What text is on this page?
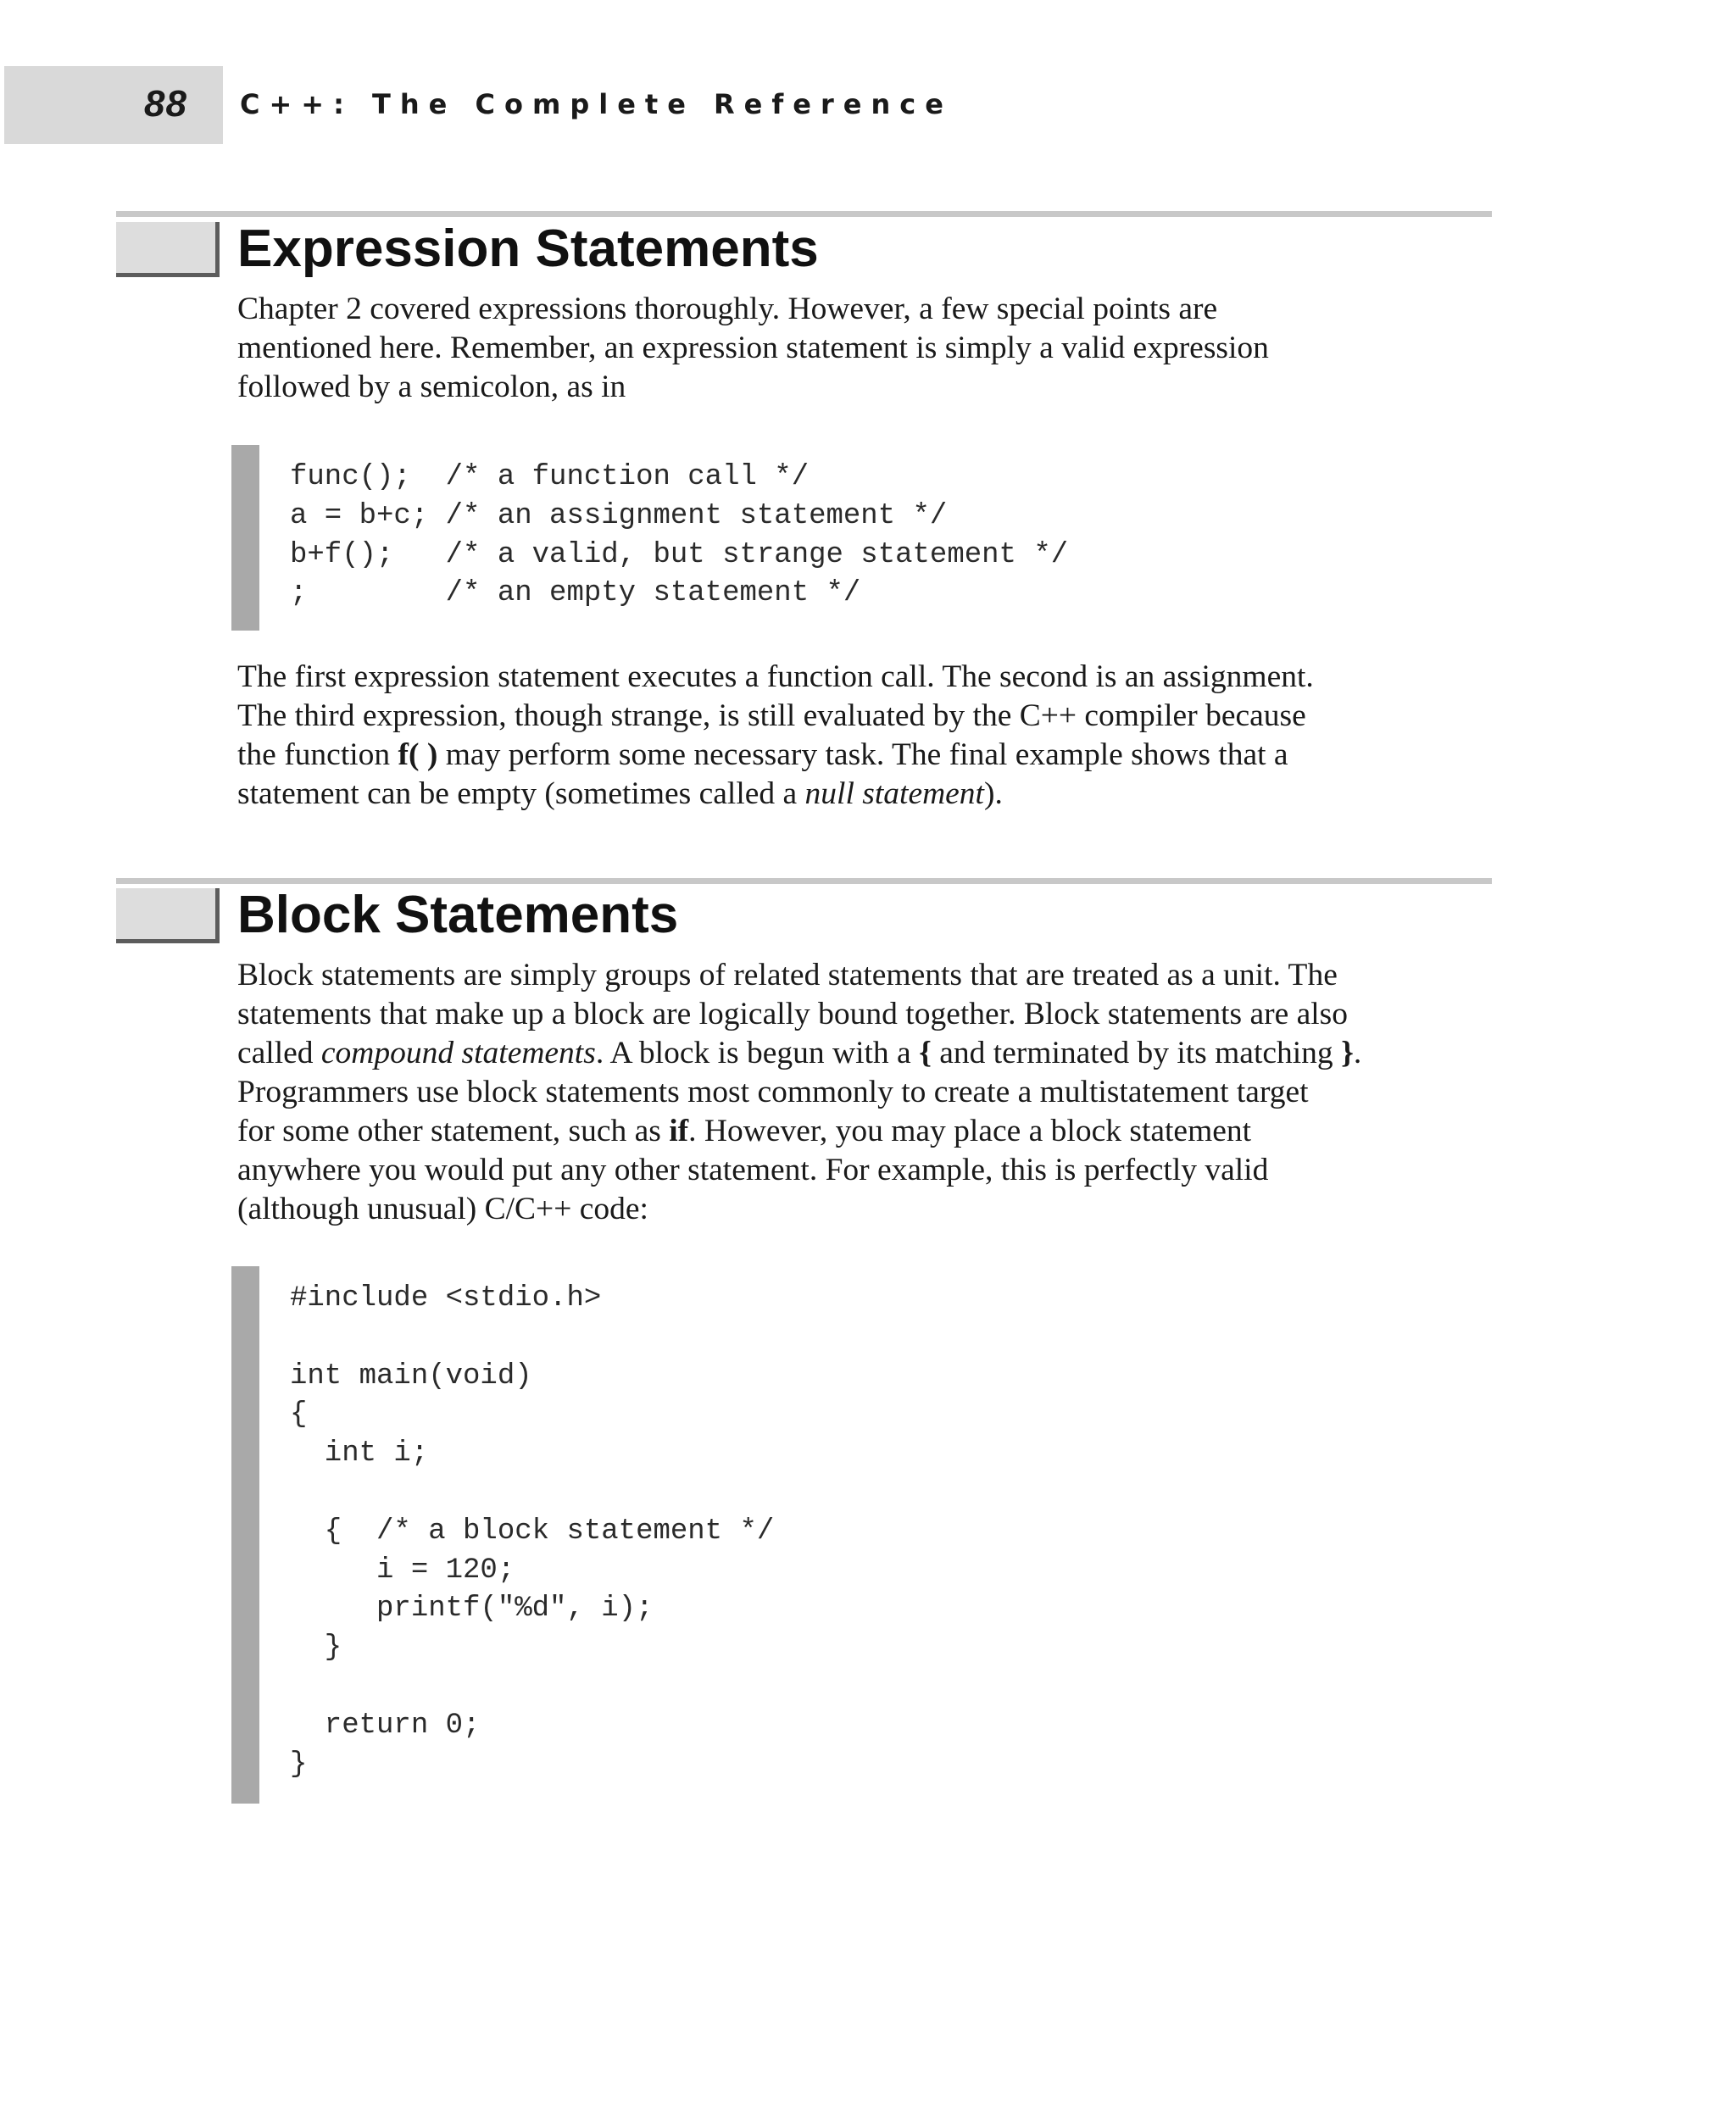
88 C++: The Complete Reference
Expression Statements

Chapter 2 covered expressions thoroughly. However, a few special points are
mentioned here. Remember, an expression statement is simply a valid expression
followed by a semicolon, as in

func();  /* a function call */
a = b+c; /* an assignment statement */
b+f();   /* a valid, but strange statement */
;        /* an empty statement */

The first expression statement executes a function call. The second is an assignment.
The third expression, though strange, is still evaluated by the C++ compiler because
the function f( ) may perform some necessary task. The final example shows that a
statement can be empty (sometimes called a null statement).

Block Statements

Block statements are simply groups of related statements that are treated as a unit. The
statements that make up a block are logically bound together. Block statements are also
called compound statements. A block is begun with a { and terminated by its matching }.
Programmers use block statements most commonly to create a multistatement target
for some other statement, such as if. However, you may place a block statement
anywhere you would put any other statement. For example, this is perfectly valid
(although unusual) C/C++ code:

#include <stdio.h>
int main(void)
{
int i;
{  /* a block statement */
i = 120;
printf("%d", i);
}
return 0;
}
